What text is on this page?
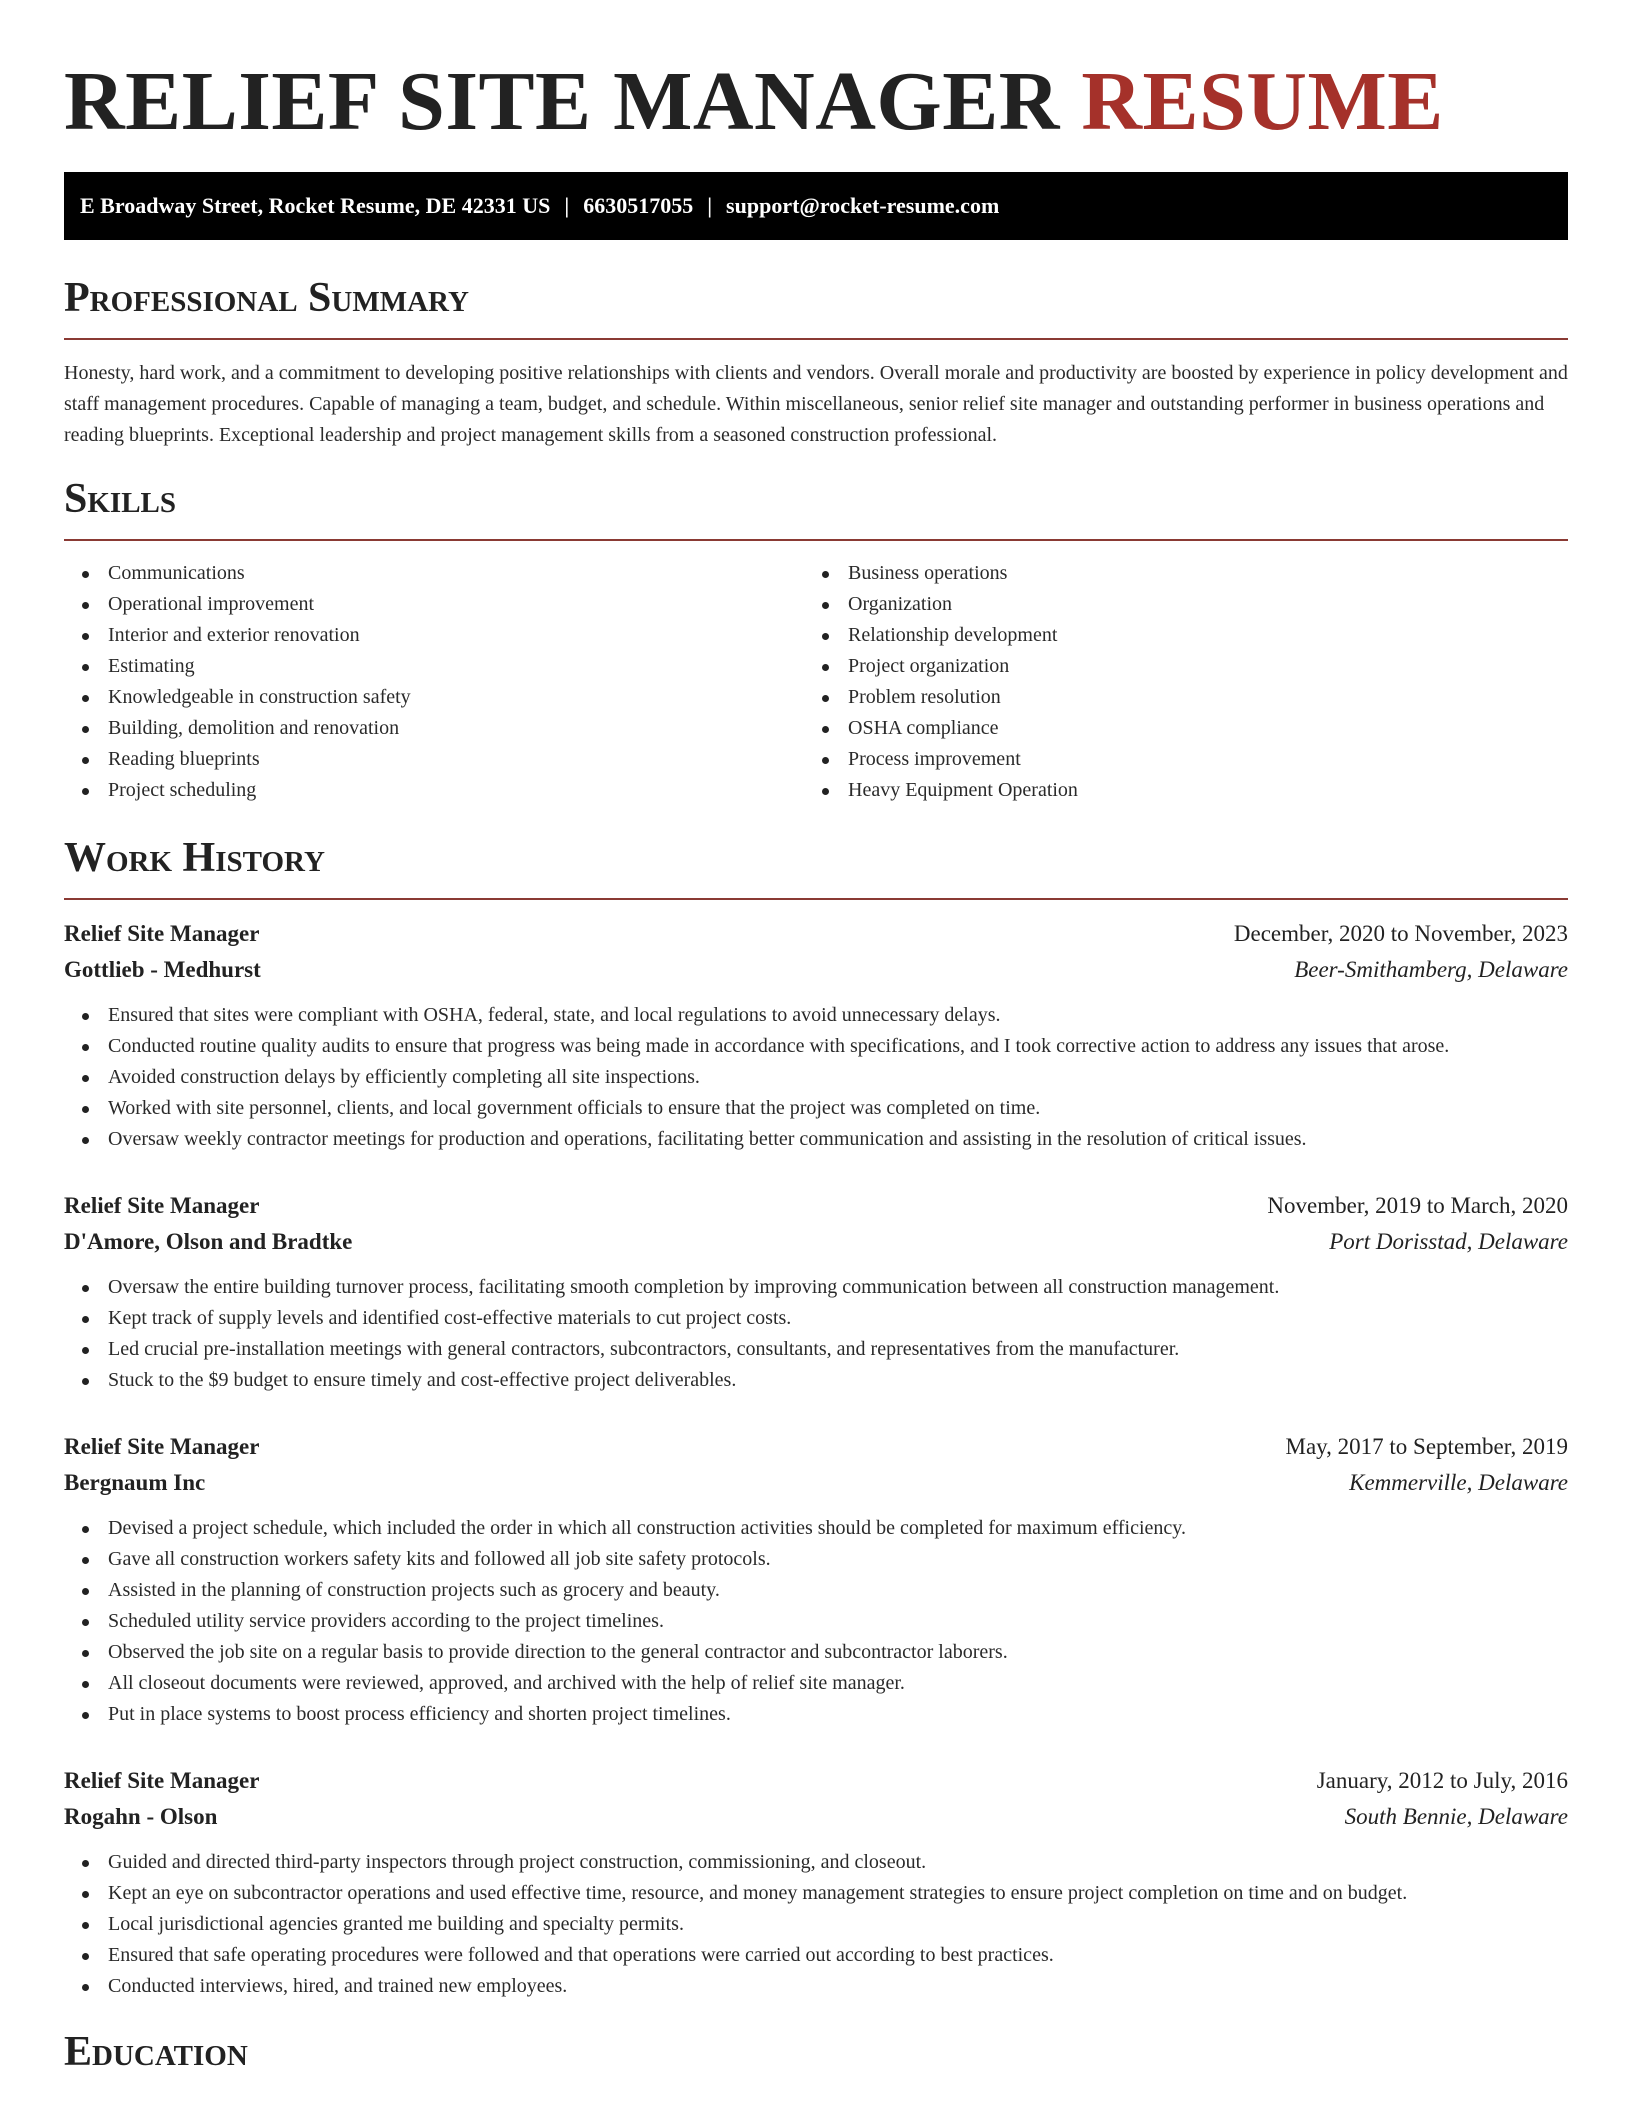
RELIEF SITE MANAGER RESUME
E Broadway Street, Rocket Resume, DE 42331 US | 6630517055 | support@rocket-resume.com
Professional Summary

Honesty, hard work, and a commitment to developing positive relationships with clients and vendors. Overall morale and productivity are boosted by experience in policy development and staff management procedures. Capable of managing a team, budget, and schedule. Within miscellaneous, senior relief site manager and outstanding performer in business operations and reading blueprints. Exceptional leadership and project management skills from a seasoned construction professional.

Skills
Communications
Operational improvement
Interior and exterior renovation
Estimating
Knowledgeable in construction safety
Building, demolition and renovation
Reading blueprints
Project scheduling
Business operations
Organization
Relationship development
Project organization
Problem resolution
OSHA compliance
Process improvement
Heavy Equipment Operation
Work History
Relief Site Manager	December, 2020 to November, 2023
Gottlieb - Medhurst	Beer-Smithamberg, Delaware
Ensured that sites were compliant with OSHA, federal, state, and local regulations to avoid unnecessary delays.
Conducted routine quality audits to ensure that progress was being made in accordance with specifications, and I took corrective action to address any issues that arose.
Avoided construction delays by efficiently completing all site inspections.
Worked with site personnel, clients, and local government officials to ensure that the project was completed on time.
Oversaw weekly contractor meetings for production and operations, facilitating better communication and assisting in the resolution of critical issues.
Relief Site Manager	November, 2019 to March, 2020
D'Amore, Olson and Bradtke	Port Dorisstad, Delaware
Oversaw the entire building turnover process, facilitating smooth completion by improving communication between all construction management.
Kept track of supply levels and identified cost-effective materials to cut project costs.
Led crucial pre-installation meetings with general contractors, subcontractors, consultants, and representatives from the manufacturer.
Stuck to the $9 budget to ensure timely and cost-effective project deliverables.
Relief Site Manager	May, 2017 to September, 2019
Bergnaum Inc	Kemmerville, Delaware
Devised a project schedule, which included the order in which all construction activities should be completed for maximum efficiency.
Gave all construction workers safety kits and followed all job site safety protocols.
Assisted in the planning of construction projects such as grocery and beauty.
Scheduled utility service providers according to the project timelines.
Observed the job site on a regular basis to provide direction to the general contractor and subcontractor laborers.
All closeout documents were reviewed, approved, and archived with the help of relief site manager.
Put in place systems to boost process efficiency and shorten project timelines.
Relief Site Manager	January, 2012 to July, 2016
Rogahn - Olson	South Bennie, Delaware
Guided and directed third-party inspectors through project construction, commissioning, and closeout.
Kept an eye on subcontractor operations and used effective time, resource, and money management strategies to ensure project completion on time and on budget.
Local jurisdictional agencies granted me building and specialty permits.
Ensured that safe operating procedures were followed and that operations were carried out according to best practices.
Conducted interviews, hired, and trained new employees.
Education
